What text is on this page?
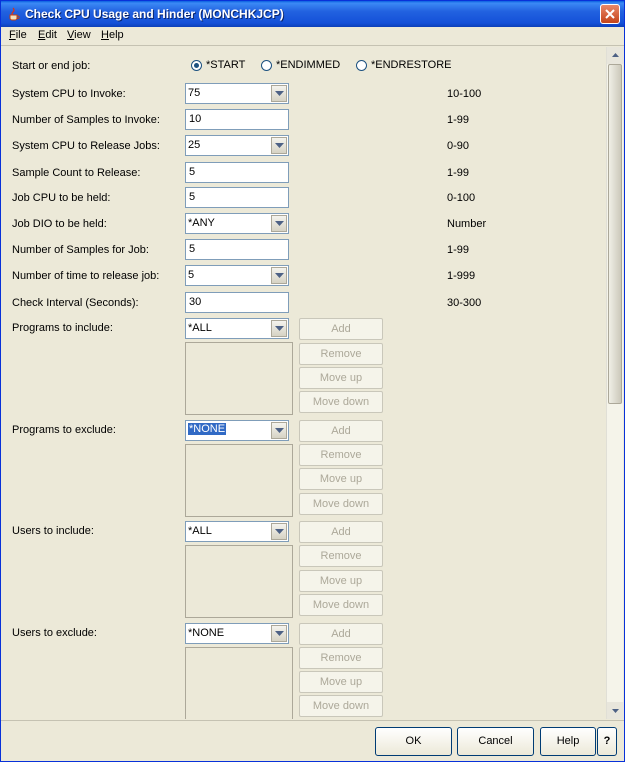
Check CPU Usage and Hinder (MONCHKJCP)
File Edit View Help
Start or end job:	*START	*ENDIMMED	*ENDRESTORE
System CPU to Invoke:	75	10-100
Number of Samples to Invoke:	10	1-99
System CPU to Release Jobs:	25	0-90
Sample Count to Release:	5	1-99
Job CPU to be held:	5	0-100
Job DIO to be held:	*ANY	Number
Number of Samples for Job:	5	1-99
Number of time to release job:	5	1-999
Check Interval (Seconds):	30	30-300
Programs to include:	*ALL	Add
Remove
Move up
Move down
Programs to exclude:	*NONE	Add
Remove
Move up
Move down
Users to include:	*ALL	Add
Remove
Move up
Move down
Users to exclude:	*NONE	Add
Remove
Move up
Move down
OK	Cancel	Help	?
